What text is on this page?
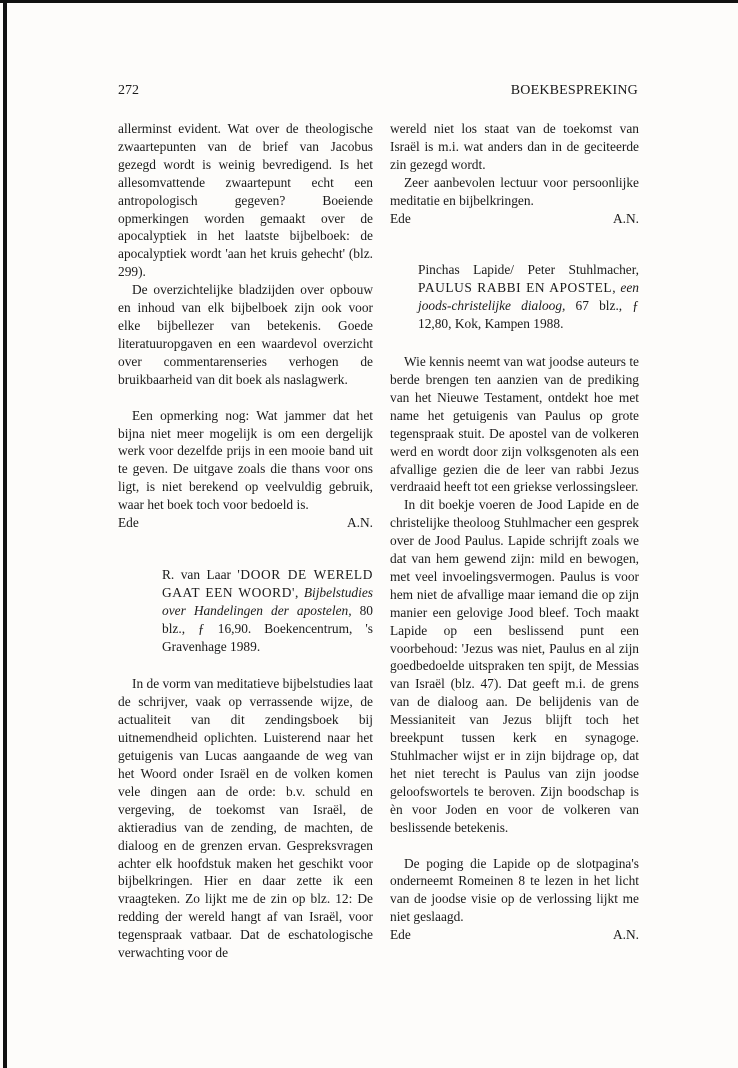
272	BOEKBESPREKING

allerminst evident. Wat over de theologische zwaartepunten van de brief van Jacobus gezegd wordt is weinig bevredigend. Is het allesomvattende zwaartepunt echt een antropologisch gegeven? Boeiende opmerkingen worden gemaakt over de apocalyptiek in het laatste bijbelboek: de apocalyptiek wordt 'aan het kruis gehecht' (blz. 299).

De overzichtelijke bladzijden over opbouw en inhoud van elk bijbelboek zijn ook voor elke bijbellezer van betekenis. Goede literatuuropgaven en een waardevol overzicht over commentarenseries verhogen de bruikbaarheid van dit boek als naslagwerk.

Een opmerking nog: Wat jammer dat het bijna niet meer mogelijk is om een dergelijk werk voor dezelfde prijs in een mooie band uit te geven. De uitgave zoals die thans voor ons ligt, is niet berekend op veelvuldig gebruik, waar het boek toch voor bedoeld is.

Ede	A.N.

R. van Laar 'DOOR DE WERELD GAAT EEN WOORD', Bijbelstudies over Handelingen der apostelen, 80 blz., ƒ 16,90. Boekencentrum, 's Gravenhage 1989.

In de vorm van meditatieve bijbelstudies laat de schrijver, vaak op verrassende wijze, de actualiteit van dit zendingsboek bij uitnemendheid oplichten. Luisterend naar het getuigenis van Lucas aangaande de weg van het Woord onder Israël en de volken komen vele dingen aan de orde: b.v. schuld en vergeving, de toekomst van Israël, de aktieradius van de zending, de machten, de dialoog en de grenzen ervan. Gespreksvragen achter elk hoofdstuk maken het geschikt voor bijbelkringen. Hier en daar zette ik een vraagteken. Zo lijkt me de zin op blz. 12: De redding der wereld hangt af van Israël, voor tegenspraak vatbaar. Dat de eschatologische verwachting voor de

wereld niet los staat van de toekomst van Israël is m.i. wat anders dan in de geciteerde zin gezegd wordt.

Zeer aanbevolen lectuur voor persoonlijke meditatie en bijbelkringen.

Ede	A.N.

Pinchas Lapide/ Peter Stuhlmacher, PAULUS RABBI EN APOSTEL, een joods-christelijke dialoog, 67 blz., ƒ 12,80, Kok, Kampen 1988.

Wie kennis neemt van wat joodse auteurs te berde brengen ten aanzien van de prediking van het Nieuwe Testament, ontdekt hoe met name het getuigenis van Paulus op grote tegenspraak stuit. De apostel van de volkeren werd en wordt door zijn volksgenoten als een afvallige gezien die de leer van rabbi Jezus verdraaid heeft tot een griekse verlossingsleer.

In dit boekje voeren de Jood Lapide en de christelijke theoloog Stuhlmacher een gesprek over de Jood Paulus. Lapide schrijft zoals we dat van hem gewend zijn: mild en bewogen, met veel invoelingsvermogen. Paulus is voor hem niet de afvallige maar iemand die op zijn manier een gelovige Jood bleef. Toch maakt Lapide op een beslissend punt een voorbehoud: 'Jezus was niet, Paulus en al zijn goedbedoelde uitspraken ten spijt, de Messias van Israël (blz. 47). Dat geeft m.i. de grens van de dialoog aan. De belijdenis van de Messianiteit van Jezus blijft toch het breekpunt tussen kerk en synagoge. Stuhlmacher wijst er in zijn bijdrage op, dat het niet terecht is Paulus van zijn joodse geloofswortels te beroven. Zijn boodschap is èn voor Joden en voor de volkeren van beslissende betekenis.

De poging die Lapide op de slotpagina's onderneemt Romeinen 8 te lezen in het licht van de joodse visie op de verlossing lijkt me niet geslaagd.

Ede	A.N.
